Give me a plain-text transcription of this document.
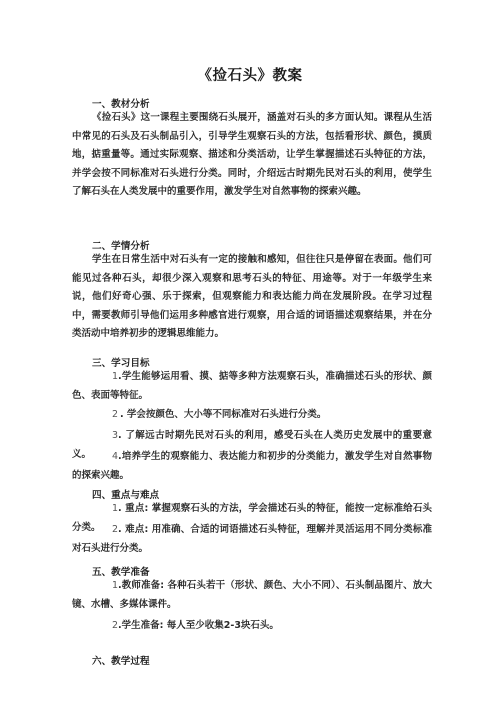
《捡石头》教案
一、教材分析

《捡石头》这一课程主要围绕石头展开，涵盖对石头的多方面认知。课程从生活中常见的石头及石头制品引入，引导学生观察石头的方法，包括看形状、颜色，摸质地，掂重量等。通过实际观察、描述和分类活动，让学生掌握描述石头特征的方法，并学会按不同标准对石头进行分类。同时，介绍远古时期先民对石头的利用，使学生了解石头在人类发展中的重要作用，激发学生对自然事物的探索兴趣。

二、学情分析

学生在日常生活中对石头有一定的接触和感知，但往往只是停留在表面。他们可能见过各种石头，却很少深入观察和思考石头的特征、用途等。对于一年级学生来说，他们好奇心强、乐于探索，但观察能力和表达能力尚在发展阶段。在学习过程中，需要教师引导他们运用多种感官进行观察，用合适的词语描述观察结果，并在分类活动中培养初步的逻辑思维能力。

三、学习目标

1.学生能够运用看、摸、掂等多种方法观察石头，准确描述石头的形状、颜色、表面等特征。

2 . 学会按颜色、大小等不同标准对石头进行分类。

3. 了解远古时期先民对石头的利用，感受石头在人类历史发展中的重要意义。	4.培养学生的观察能力、表达能力和初步的分类能力，激发学生对自然事物的探索兴趣。

四、重点与难点

1. 重点: 掌握观察石头的方法，学会描述石头的特征，能按一定标准给石头分类。	2. 难点: 用准确、合适的词语描述石头特征，理解并灵活运用不同分类标准对石头进行分类。

五、教学准备

1.教师准备: 各种石头若干（形状、颜色、大小不同）、石头制品图片、放大镜、水槽、多媒体课件。

2.学生准备: 每人至少收集2-3块石头。

六、教学过程
